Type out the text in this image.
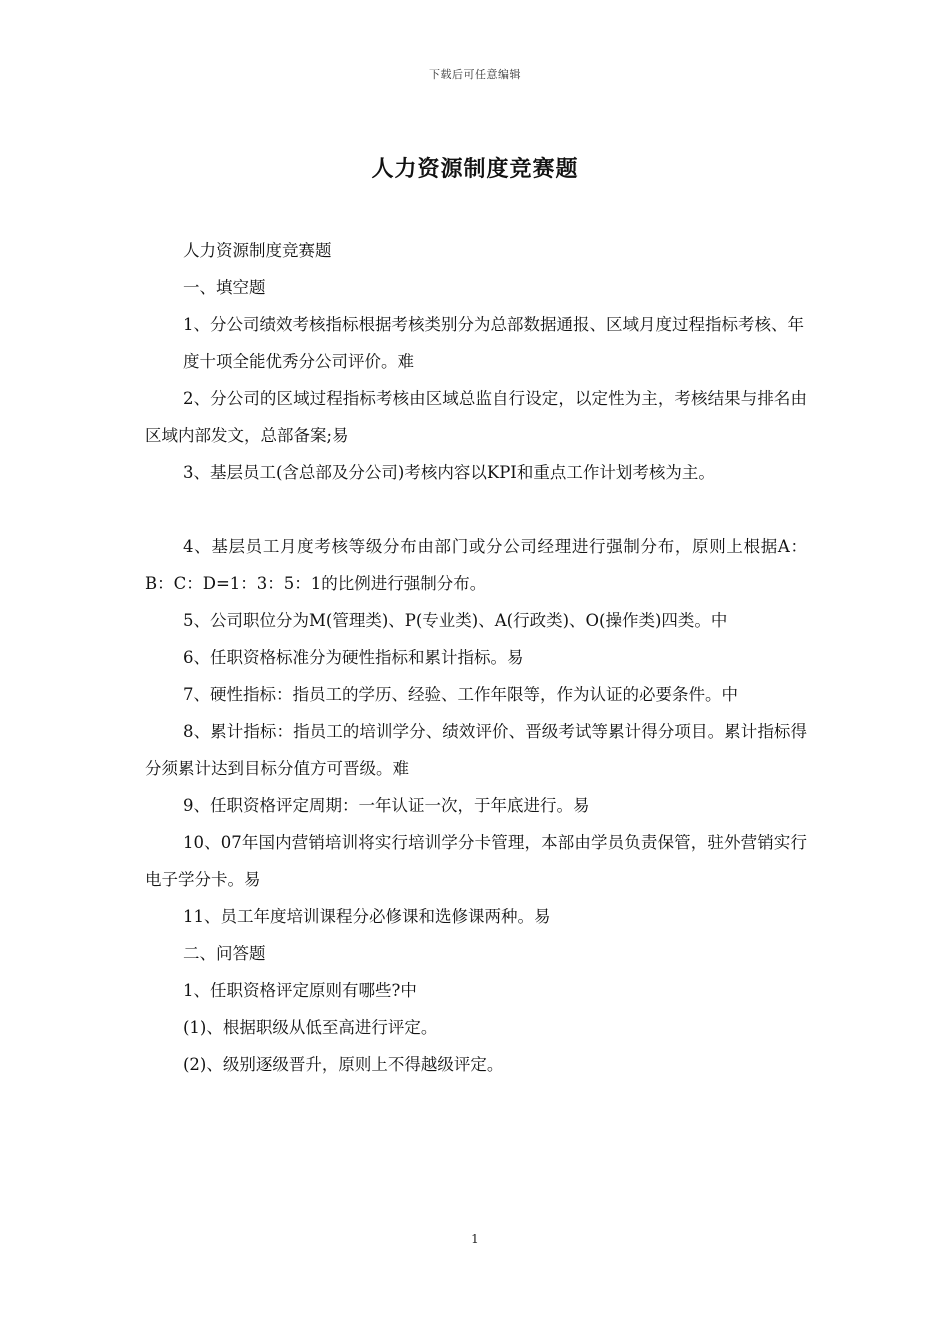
下载后可任意编辑
人力资源制度竞赛题

人力资源制度竞赛题

一、填空题

1、分公司绩效考核指标根据考核类别分为总部数据通报、区域月度过程指标考核、年

度十项全能优秀分公司评价。难

2、分公司的区域过程指标考核由区域总监自行设定，以定性为主，考核结果与排名由区域内部发文，总部备案;易

3、基层员工(含总部及分公司)考核内容以KPI和重点工作计划考核为主。

4、基层员工月度考核等级分布由部门或分公司经理进行强制分布，原则上根据A：B：C：D=1：3：5：1的比例进行强制分布。

5、公司职位分为M(管理类)、P(专业类)、A(行政类)、O(操作类)四类。中

6、任职资格标准分为硬性指标和累计指标。易

7、硬性指标：指员工的学历、经验、工作年限等，作为认证的必要条件。中

8、累计指标：指员工的培训学分、绩效评价、晋级考试等累计得分项目。累计指标得分须累计达到目标分值方可晋级。难

9、任职资格评定周期：一年认证一次，于年底进行。易

10、07年国内营销培训将实行培训学分卡管理，本部由学员负责保管，驻外营销实行电子学分卡。易

11、员工年度培训课程分必修课和选修课两种。易

二、问答题

1、任职资格评定原则有哪些?中

(1)、根据职级从低至高进行评定。

(2)、级别逐级晋升，原则上不得越级评定。

1
